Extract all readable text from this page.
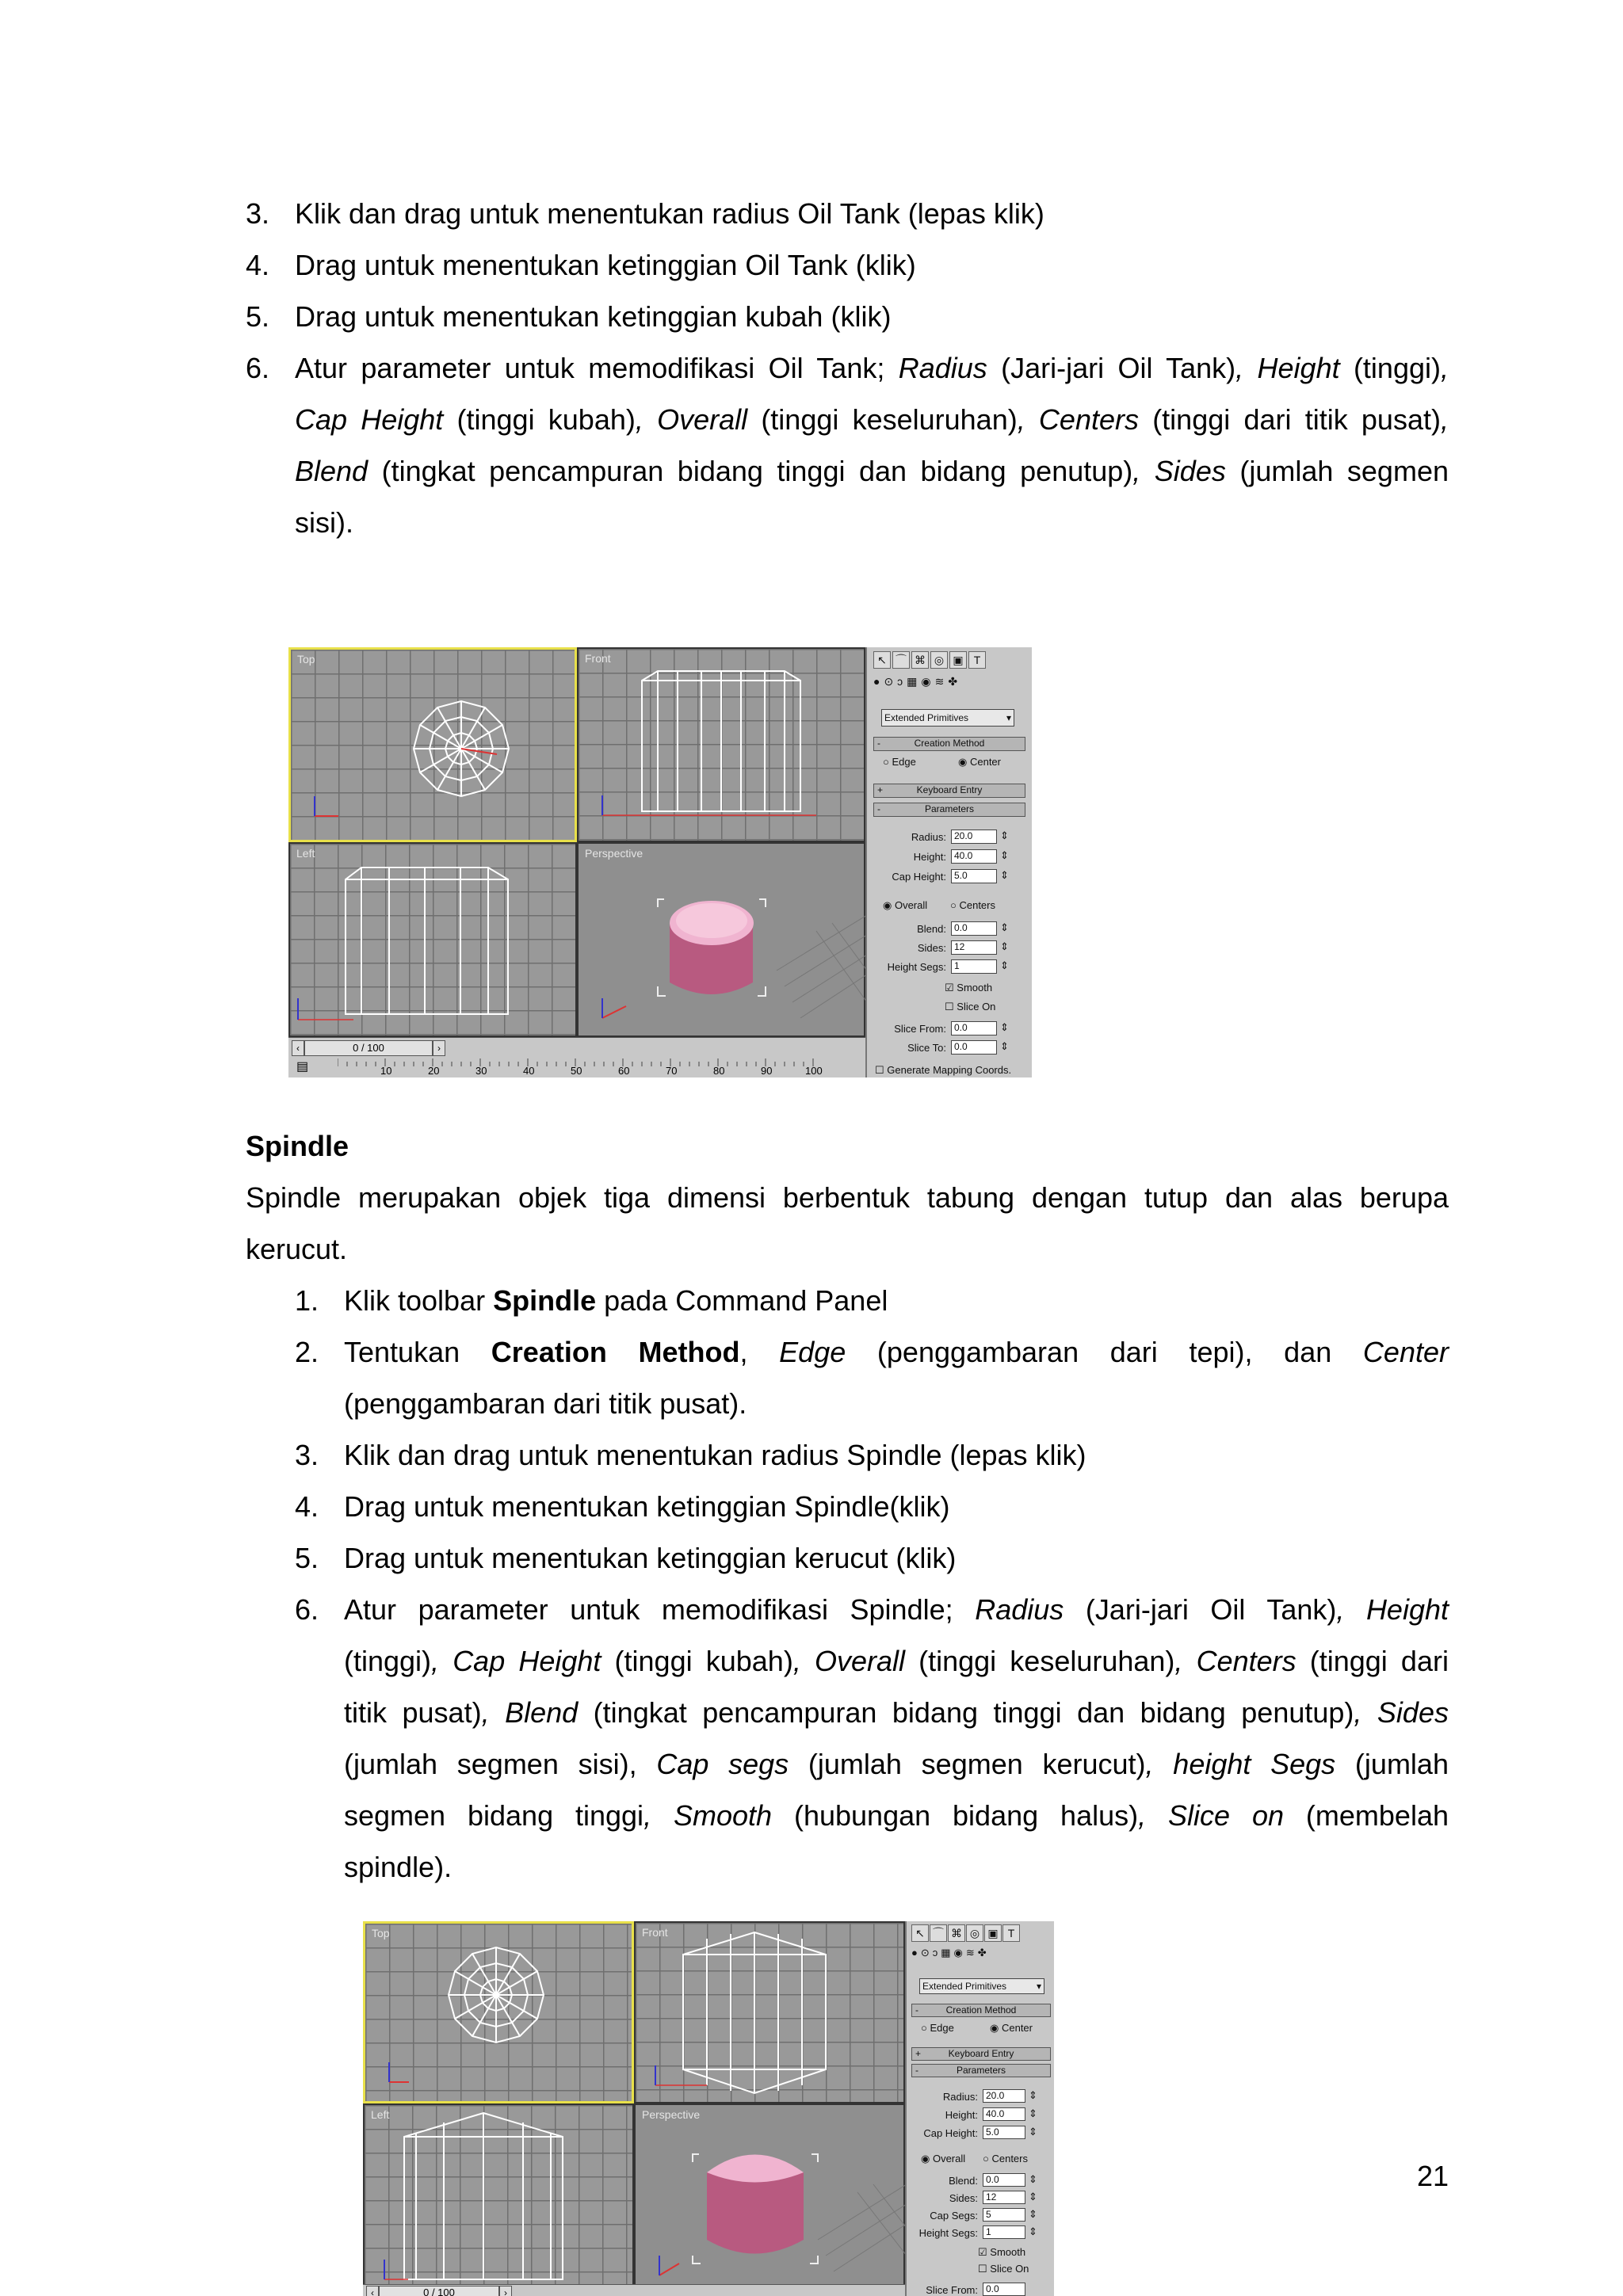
3. Klik dan drag untuk menentukan radius Oil Tank (lepas klik)
4. Drag untuk menentukan ketinggian Oil Tank (klik)
5. Drag untuk menentukan ketinggian kubah (klik)
6. Atur parameter untuk memodifikasi Oil Tank; Radius (Jari-jari Oil Tank), Height (tinggi),
Cap Height (tinggi kubah), Overall (tinggi keseluruhan), Centers (tinggi dari titik pusat),
Blend (tingkat pencampuran bidang tinggi dan bidang penutup), Sides (jumlah segmen
sisi).
Top	Front
Left	Perspective
‹	0 / 100	›
▤	10	20	30	40	50	60	70	80	90	100
↖ ⌒ ⌘ ◎ ▣ T
●⊙ↄ▦◉≋✤
Extended Primitives	▾
-	Creation Method
○ Edge	◉ Center
+	Keyboard Entry
-	Parameters
Radius: 20.0	⇕
Height: 40.0	⇕
Cap Height: 5.0	⇕
◉ Overall ○ Centers
Blend: 0.0	⇕
Sides: 12	⇕
Height Segs: 1	⇕
☑ Smooth
☐ Slice On
Slice From: 0.0	⇕
Slice To: 0.0	⇕
☐ Generate Mapping Coords.
Spindle
Spindle merupakan objek tiga dimensi berbentuk tabung dengan tutup dan alas berupa
kerucut.
1. Klik toolbar Spindle pada Command Panel
2. Tentukan Creation Method, Edge (penggambaran dari tepi), dan Center
(penggambaran dari titik pusat).
3. Klik dan drag untuk menentukan radius Spindle (lepas klik)
4. Drag untuk menentukan ketinggian Spindle(klik)
5. Drag untuk menentukan ketinggian kerucut (klik)
6. Atur parameter untuk memodifikasi Spindle; Radius (Jari-jari Oil Tank), Height
(tinggi), Cap Height (tinggi kubah), Overall (tinggi keseluruhan), Centers (tinggi dari
titik pusat), Blend (tingkat pencampuran bidang tinggi dan bidang penutup), Sides
(jumlah segmen sisi), Cap segs (jumlah segmen kerucut), height Segs (jumlah
segmen bidang tinggi, Smooth (hubungan bidang halus), Slice on (membelah
spindle).
Top	Front
Left	Perspective
‹	0 / 100	›
↖ ⌒ ⌘ ◎ ▣ T
●⊙ↄ▦◉≋✤
Extended Primitives	▾
-	Creation Method
○ Edge	◉ Center
+	Keyboard Entry
-	Parameters
Radius: 20.0	⇕
Height: 40.0	⇕
Cap Height: 5.0	⇕
◉ Overall ○ Centers
Blend: 0.0	⇕
Sides: 12	⇕
Cap Segs: 5	⇕
Height Segs: 1	⇕
☑ Smooth
☐ Slice On
Slice From: 0.0
21
